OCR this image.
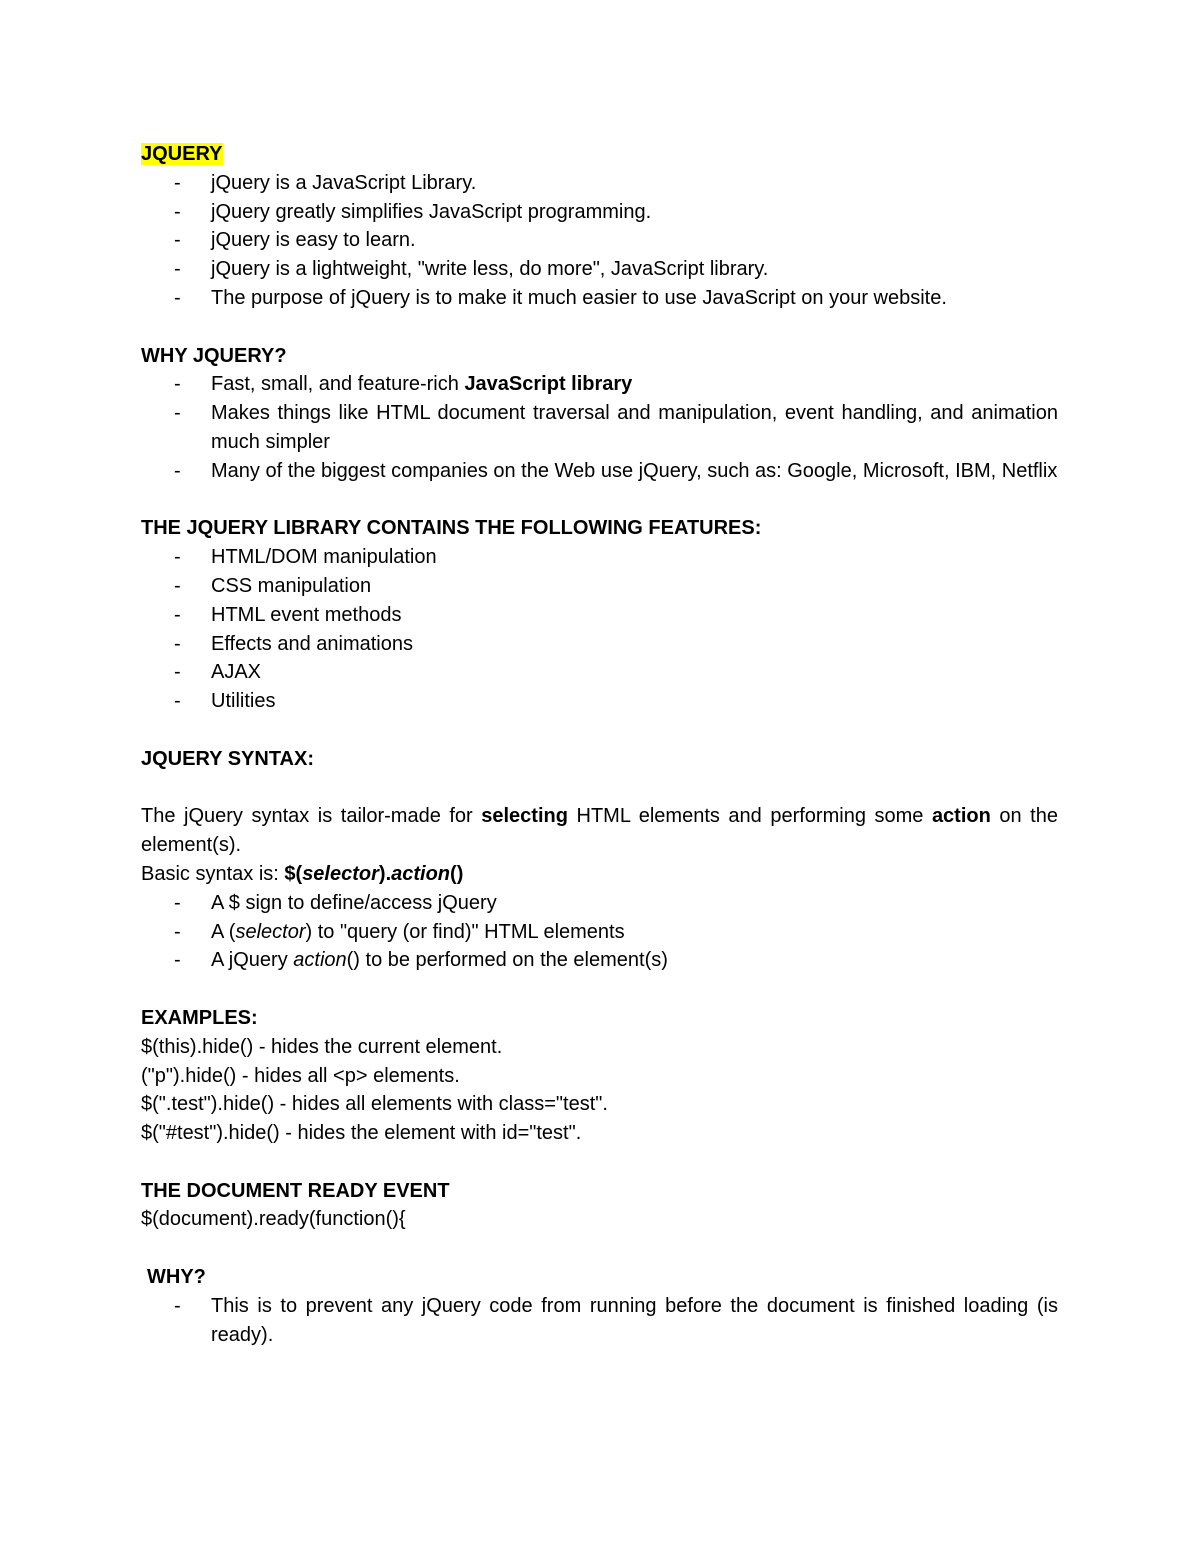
JQUERY

- jQuery is a JavaScript Library.
- jQuery greatly simplifies JavaScript programming.
- jQuery is easy to learn.
- jQuery is a lightweight, "write less, do more", JavaScript library.
- The purpose of jQuery is to make it much easier to use JavaScript on your website.

WHY JQUERY?

- Fast, small, and feature-rich JavaScript library
- Makes things like HTML document traversal and manipulation, event handling, and animation much simpler
- Many of the biggest companies on the Web use jQuery, such as: Google, Microsoft, IBM, Netflix

THE JQUERY LIBRARY CONTAINS THE FOLLOWING FEATURES:

- HTML/DOM manipulation
- CSS manipulation
- HTML event methods
- Effects and animations
- AJAX
- Utilities

JQUERY SYNTAX:

The jQuery syntax is tailor-made for selecting HTML elements and performing some action on the element(s).

Basic syntax is: $(selector).action()

- A $ sign to define/access jQuery
- A (selector) to "query (or find)" HTML elements
- A jQuery action() to be performed on the element(s)

EXAMPLES:

$(this).hide() - hides the current element.

("p").hide() - hides all <p> elements.

$(".test").hide() - hides all elements with class="test".

$("#test").hide() - hides the element with id="test".

THE DOCUMENT READY EVENT

$(document).ready(function(){

WHY?

- This is to prevent any jQuery code from running before the document is finished loading (is ready).
